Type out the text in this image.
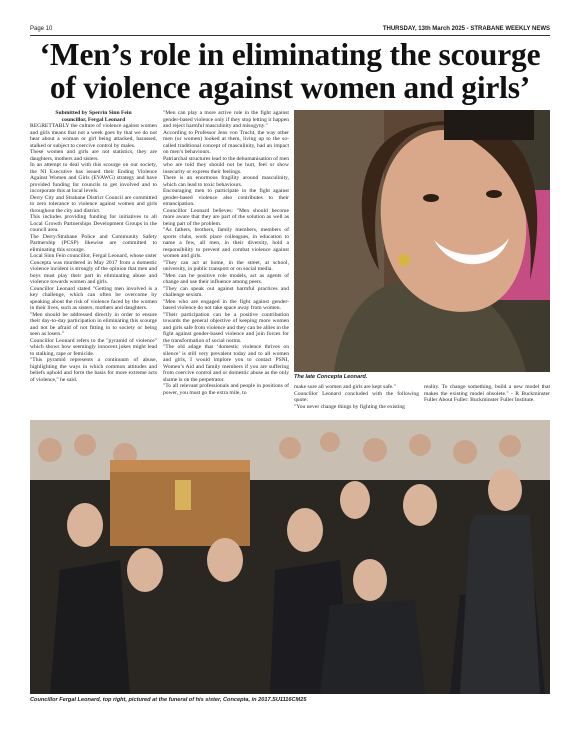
Page 10	THURSDAY, 13th March 2025 - STRABANE WEEKLY NEWS
‘Men’s role in eliminating the scourge of violence against women and girls’

Submitted by Sperrin Sinn Fein

councillor, Fergal Leonard

REGRETTABLY the culture of violence against women and girls means that not a week goes by that we do not hear about a woman or girl being attacked, harassed, stalked or subject to coercive control by males.

These women and girls are not statistics, they are daughters, mothers and sisters.

In an attempt to deal with this scourge on our society, the NI Executive has issued their Ending Violence Against Women and Girls (EVAWG) strategy and have provided funding for councils to get involved and to incorporate this at local levels.

Derry City and Strabane District Council are committed to zero tolerance to violence against women and girls throughout the city and district.

This includes providing funding for initiatives to all Local Growth Partnerships Development Groups in the council area.

The Derry/Strabane Police and Community Safety Partnership (PCSP) likewise are committed to eliminating this scourge.

Local Sinn Fein councillor, Fergal Leonard, whose sister Concepta was murdered in May 2017 from a domestic violence incident is strongly of the opinion that men and boys must play their part in eliminating abuse and violence towards women and girls.

Councillor Leonard stated "Getting men involved is a key challenge, which can often be overcome by speaking about the risk of violence faced by the women in their lives, such as sisters, mothers and daughters.

"Men should be addressed directly in order to ensure their day-to-day participation in eliminating this scourge and not be afraid of not fitting in to society or being seen as losers."

Councillor Leonard refers to the "pyramid of violence" which shows how seemingly innocent jokes might lead to stalking, rape or femicide.

"This pyramid represents a continuum of abuse, highlighting the ways in which common attitudes and beliefs uphold and form the basis for more extreme acts of violence," he said.

"Men can play a more active role in the fight against gender-based violence only if they stop letting it happen and reject harmful masculinity and misogyny."

According to Professor Jens von Trucht, the way other men (or women) looked at them, living up to the so-called traditional concept of masculinity, had an impact on men’s behaviours.

Patriarchal structures lead to the dehumanisation of men who are told they should not be hurt, feel or show insecurity or express their feelings.

There is an enormous fragility around masculinity, which can lead to toxic behaviours.

Encouraging men to participate in the fight against gender-based violence also contributes to their emancipation.

Councillor Leonard believes: "Men should become more aware that they are part of the solution as well as being part of the problem.

"As fathers, brothers, family members, members of sports clubs, work place colleagues, in education to name a few, all men, in their diversity, hold a responsibility to prevent and combat violence against women and girls.

"They can act at home, in the street, at school, university, in public transport or on social media.

"Men can be positive role models, act as agents of change and use their influence among peers.

"They can speak out against harmful practices and challenge sexism.

"Men who are engaged in the fight against gender-based violence do not take space away from women.

"Their participation can be a positive contribution towards the general objective of keeping more women and girls safe from violence and they can be allies in the fight against gender-based violence and join forces for the transformation of social norms.

"The old adage that ‘domestic violence thrives on silence’ is still very prevalent today and to all women and girls, I would implore you to contact PSNI, Women’s Aid and family members if you are suffering from coercive control and or domestic abuse as the only shame is on the perpetrator.

"To all relevant professionals and people in positions of power, you must go the extra mile, to

The late Concepta Leonard.

make sure all women and girls are kept safe."

Councillor Leonard concluded with the following quote:

"You never change things by fighting the existing

reality. To change something, build a new model that makes the existing model obsolete." - R Buckminster Fuller About Fuller: Buckminster Fuller Institute.

Councillor Fergal Leonard, top right, pictured at the funeral of his sister, Concepta, in 2017.SU1116CM25
